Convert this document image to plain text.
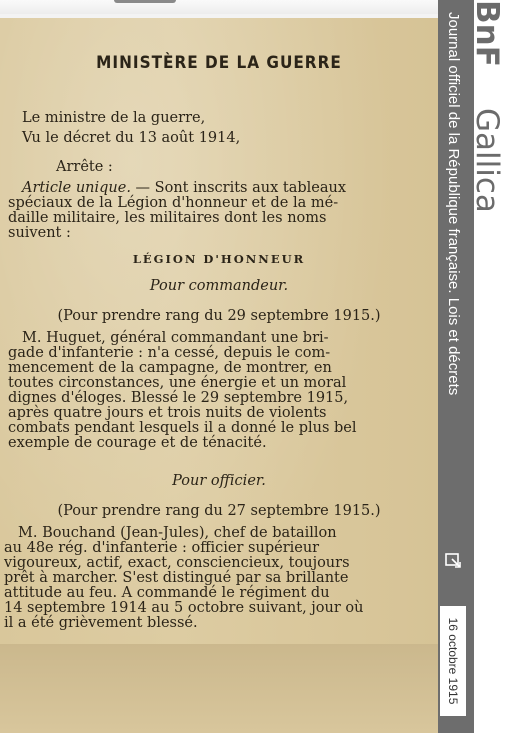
MINISTÈRE DE LA GUERRE
Le ministre de la guerre,
Vu le décret du 13 août 1914,
Arrête :
Article unique. — Sont inscrits aux tableaux
spéciaux de la Légion d'honneur et de la mé-
daille militaire, les militaires dont les noms
suivent :
LÉGION D'HONNEUR
Pour commandeur.
(Pour prendre rang du 29 septembre 1915.)
M. Huguet, général commandant une bri-
gade d'infanterie : n'a cessé, depuis le com-
mencement de la campagne, de montrer, en
toutes circonstances, une énergie et un moral
dignes d'éloges. Blessé le 29 septembre 1915,
après quatre jours et trois nuits de violents
combats pendant lesquels il a donné le plus bel
exemple de courage et de ténacité.
Pour officier.
(Pour prendre rang du 27 septembre 1915.)
M. Bouchand (Jean-Jules), chef de bataillon
au 48e rég. d'infanterie : officier supérieur
vigoureux, actif, exact, consciencieux, toujours
prêt à marcher. S'est distingué par sa brillante
attitude au feu. A commandé le régiment du
14 septembre 1914 au 5 octobre suivant, jour où
il a été grièvement blessé.
BnF
Gallica
Journal officiel de la République française. Lois et décrets
16 octobre 1915
